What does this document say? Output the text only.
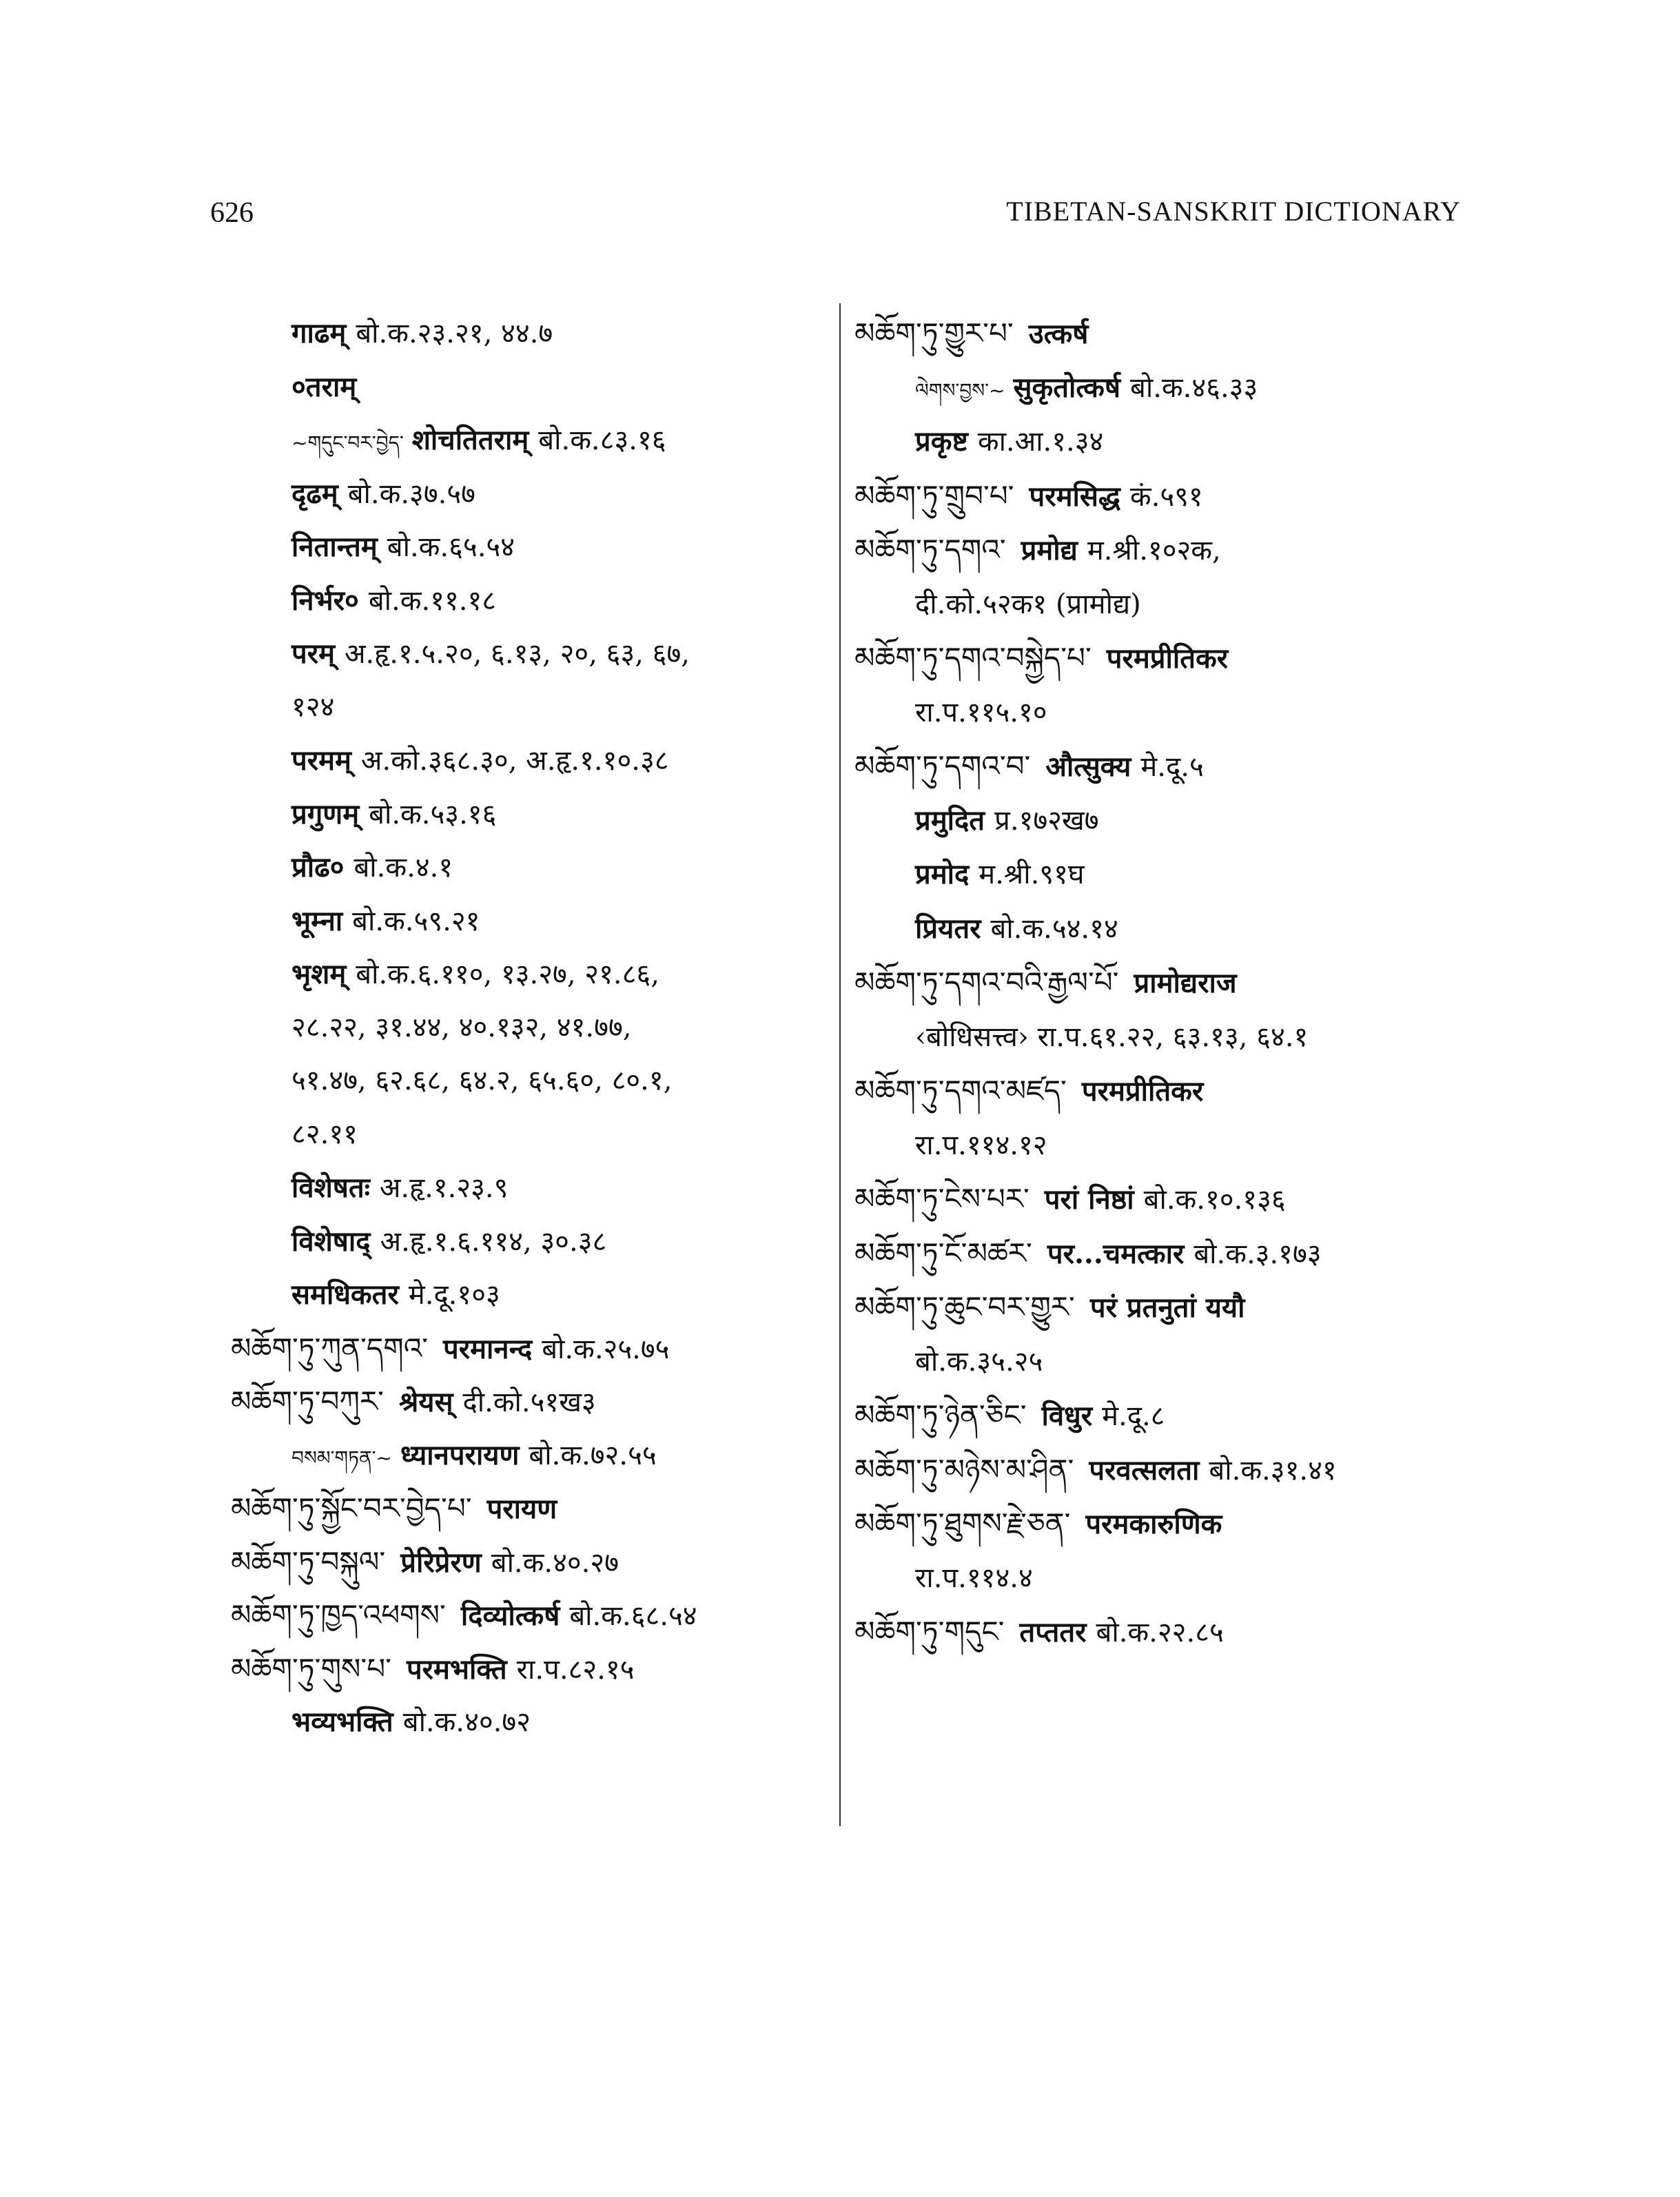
626	TIBETAN-SANSKRIT DICTIONARY
गाढम् बो.क.२३.२१, ४४.७
०तराम्
~གདུང་བར་བྱེད་ शोचतितराम् बो.क.८३.१६
दृढम् बो.क.३७.५७
नितान्तम् बो.क.६५.५४
निर्भर० बो.क.११.१८
परम् अ.हृ.१.५.२०, ६.१३, २०, ६३, ६७,
१२४
परमम् अ.को.३६८.३०, अ.हृ.१.१०.३८
प्रगुणम् बो.क.५३.१६
प्रौढ० बो.क.४.१
भूम्ना बो.क.५९.२१
भृशम् बो.क.६.११०, १३.२७, २१.८६,
२८.२२, ३१.४४, ४०.१३२, ४१.७७,
५१.४७, ६२.६८, ६४.२, ६५.६०, ८०.१,
८२.११
विशेषतः अ.हृ.१.२३.९
विशेषाद् अ.हृ.१.६.११४, ३०.३८
समधिकतर मे.दू.१०३
མཆོག་ཏུ་ཀུན་དགའ་ परमानन्द बो.क.२५.७५
མཆོག་ཏུ་བཀུར་ श्रेयस् दी.को.५१ख३
བསམ་གཏན་~ ध्यानपरायण बो.क.७२.५५
མཆོག་ཏུ་སྐྱོང་བར་བྱེད་པ་ परायण
མཆོག་ཏུ་བསྐུལ་ प्रेरिप्रेरण बो.क.४०.२७
མཆོག་ཏུ་ཁྱད་འཕགས་ दिव्योत्कर्ष बो.क.६८.५४
མཆོག་ཏུ་གུས་པ་ परमभक्ति रा.प.८२.१५
भव्यभक्ति बो.क.४०.७२
མཆོག་ཏུ་གྱུར་པ་ उत्कर्ष
ལེགས་བྱས་~ सुकृतोत्कर्ष बो.क.४६.३३
प्रकृष्ट का.आ.१.३४
མཆོག་ཏུ་གྲུབ་པ་ परमसिद्ध कं.५९१
མཆོག་ཏུ་དགའ་ प्रमोद्य म.श्री.१०२क,
दी.को.५२क१ (प्रामोद्य)
མཆོག་ཏུ་དགའ་བསྐྱེད་པ་ परमप्रीतिकर
रा.प.११५.१०
མཆོག་ཏུ་དགའ་བ་ औत्सुक्य मे.दू.५
प्रमुदित प्र.१७२ख७
प्रमोद म.श्री.९१घ
प्रियतर बो.क.५४.१४
མཆོག་ཏུ་དགའ་བའི་རྒྱལ་པོ་ प्रामोद्यराज
‹बोधिसत्त्व› रा.प.६१.२२, ६३.१३, ६४.१
མཆོག་ཏུ་དགའ་མཛད་ परमप्रीतिकर
रा.प.११४.१२
མཆོག་ཏུ་ངེས་པར་ परां निष्ठां बो.क.१०.१३६
མཆོག་ཏུ་ངོ་མཚར་ पर...चमत्कार बो.क.३.१७३
མཆོག་ཏུ་ཆུང་བར་གྱུར་ परं प्रतनुतां ययौ
बो.क.३५.२५
མཆོག་ཏུ་ཉེན་ཅིང་ विधुर मे.दू.८
མཆོག་ཏུ་མཉེས་མ་ཤིན་ परवत्सलता बो.क.३१.४१
མཆོག་ཏུ་ཐུགས་རྗེ་ཅན་ परमकारुणिक
रा.प.११४.४
མཆོག་ཏུ་གདུང་ तप्ततर बो.क.२२.८५
